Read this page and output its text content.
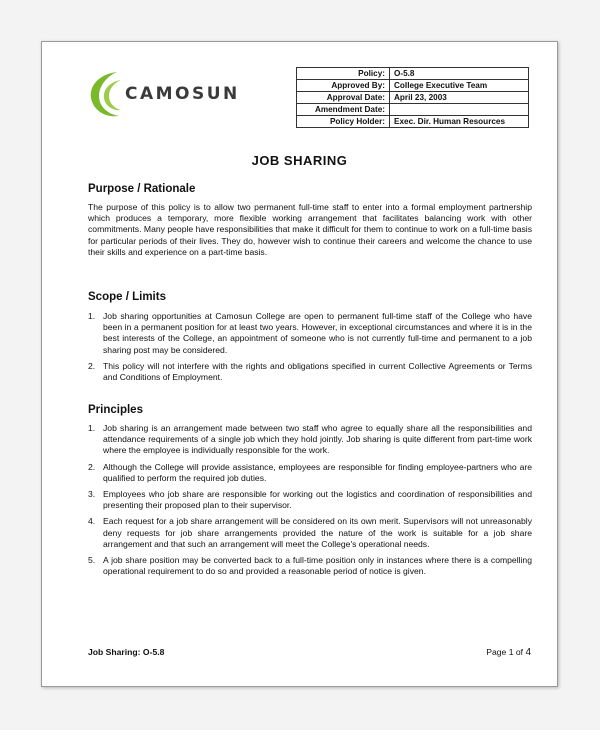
CAMOSUN
Policy:	O-5.8
Approved By:	College Executive Team
Approval Date:	April 23, 2003
Amendment Date:	
Policy Holder:	Exec. Dir. Human Resources
JOB SHARING
Purpose / Rationale
The purpose of this policy is to allow two permanent full-time staff to enter into a formal employment partnership which produces a temporary, more flexible working arrangement that facilitates balancing work with other commitments. Many people have responsibilities that make it difficult for them to continue to work on a full-time basis for particular periods of their lives. They do, however wish to continue their careers and welcome the chance to use their skills and experience on a part-time basis.
Scope / Limits
1. Job sharing opportunities at Camosun College are open to permanent full-time staff of the College who have been in a permanent position for at least two years. However, in exceptional circumstances and where it is in the best interests of the College, an appointment of someone who is not currently full-time and permanent to a job sharing post may be considered.
2. This policy will not interfere with the rights and obligations specified in current Collective Agreements or Terms and Conditions of Employment.
Principles
1. Job sharing is an arrangement made between two staff who agree to equally share all the responsibilities and attendance requirements of a single job which they hold jointly. Job sharing is quite different from part-time work where the employee is individually responsible for the work.
2. Although the College will provide assistance, employees are responsible for finding employee-partners who are qualified to perform the required job duties.
3. Employees who job share are responsible for working out the logistics and coordination of responsibilities and presenting their proposed plan to their supervisor.
4. Each request for a job share arrangement will be considered on its own merit. Supervisors will not unreasonably deny requests for job share arrangements provided the nature of the work is suitable for a job share arrangement and that such an arrangement will meet the College's operational needs.
5. A job share position may be converted back to a full-time position only in instances where there is a compelling operational requirement to do so and provided a reasonable period of notice is given.
Job Sharing: O-5.8	Page 1 of 4
